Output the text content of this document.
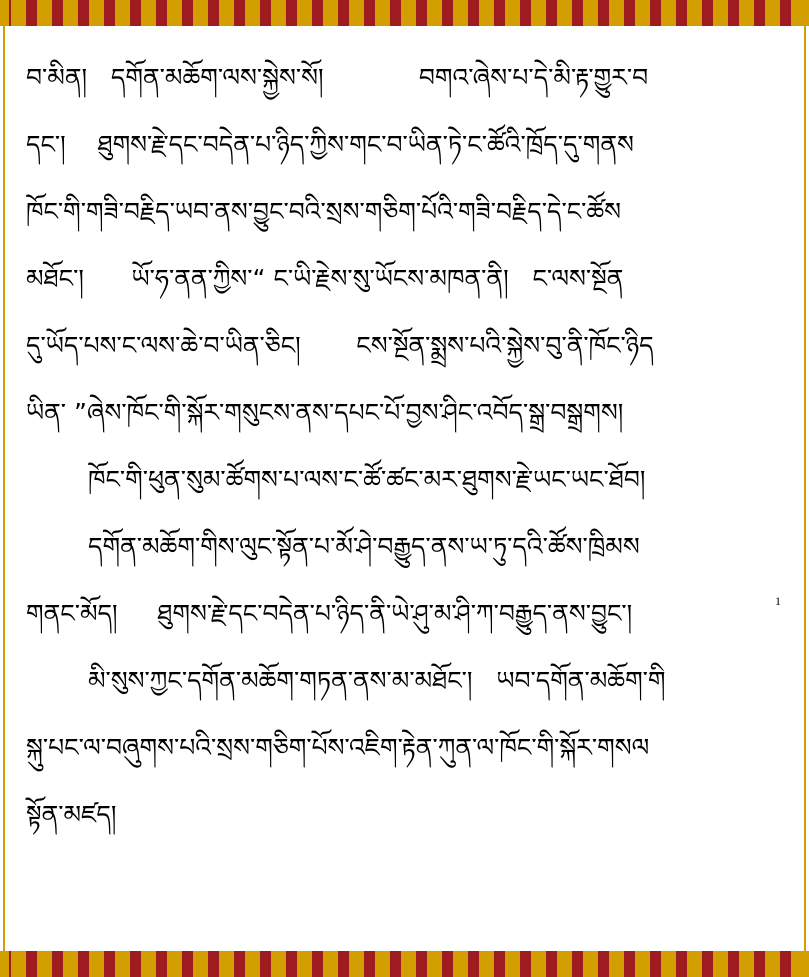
བ་མིན།   དགོན་མཆོག་ལས་སྐྱེས་སོ།            བགའ་ཞེས་པ་དེ་མི་རྟ་གྱུར་བ
དང་།    ཐུགས་རྗེ་དང་བདེན་པ་ཉིད་ཀྱིས་གང་བ་ཡིན་ཏེ་ང་ཚོའི་ཁྲོད་དུ་གནས
ཁོང་གི་གཟི་བརྗིད་ཡབ་ནས་བྱུང་བའི་སྲས་གཅིག་པོའི་གཟི་བརྗིད་དེ་ང་ཚོས
མཐོང་།      ཡོ་ཧ་ནན་ཀྱིས་“ ང་ཡི་རྗེས་སུ་ཡོངས་མཁན་ནི།   ང་ལས་སྔོན
དུ་ཡོད་པས་ང་ལས་ཆེ་བ་ཡིན་ཅིང།       ངས་སྔོན་སྨྲས་པའི་སྐྱེས་བུ་ནི་ཁོང་ཉིད
ཡིན་ ”ཞེས་ཁོང་གི་སྐོར་གསུངས་ནས་དཔང་པོ་བྱས་ཤིང་འབོད་སྒྲ་བསྒྲགས།
ཁོང་གི་ཕུན་སུམ་ཚོགས་པ་ལས་ང་ཚོ་ཚང་མར་ཐུགས་རྗེ་ཡང་ཡང་ཐོབ།
དགོན་མཆོག་གིས་ལུང་སྟོན་པ་མོ་ཤེ་བརྒྱུད་ནས་ཡ་ཏུ་དའི་ཚོས་ཁྲིམས
གནང་མོད།     ཐུགས་རྗེ་དང་བདེན་པ་ཉིད་ནི་ཡེ་ཤུ་མ་ཤི་ཀ་བརྒྱུད་ནས་བྱུང་།	1
མི་སུས་ཀྱང་དགོན་མཆོག་གཏན་ནས་མ་མཐོང་།   ཡབ་དགོན་མཆོག་གི
སྐུ་པང་ལ་བཞུགས་པའི་སྲས་གཅིག་པོས་འཇིག་རྟེན་ཀུན་ལ་ཁོང་གི་སྐོར་གསལ
སྟོན་མཛད།
